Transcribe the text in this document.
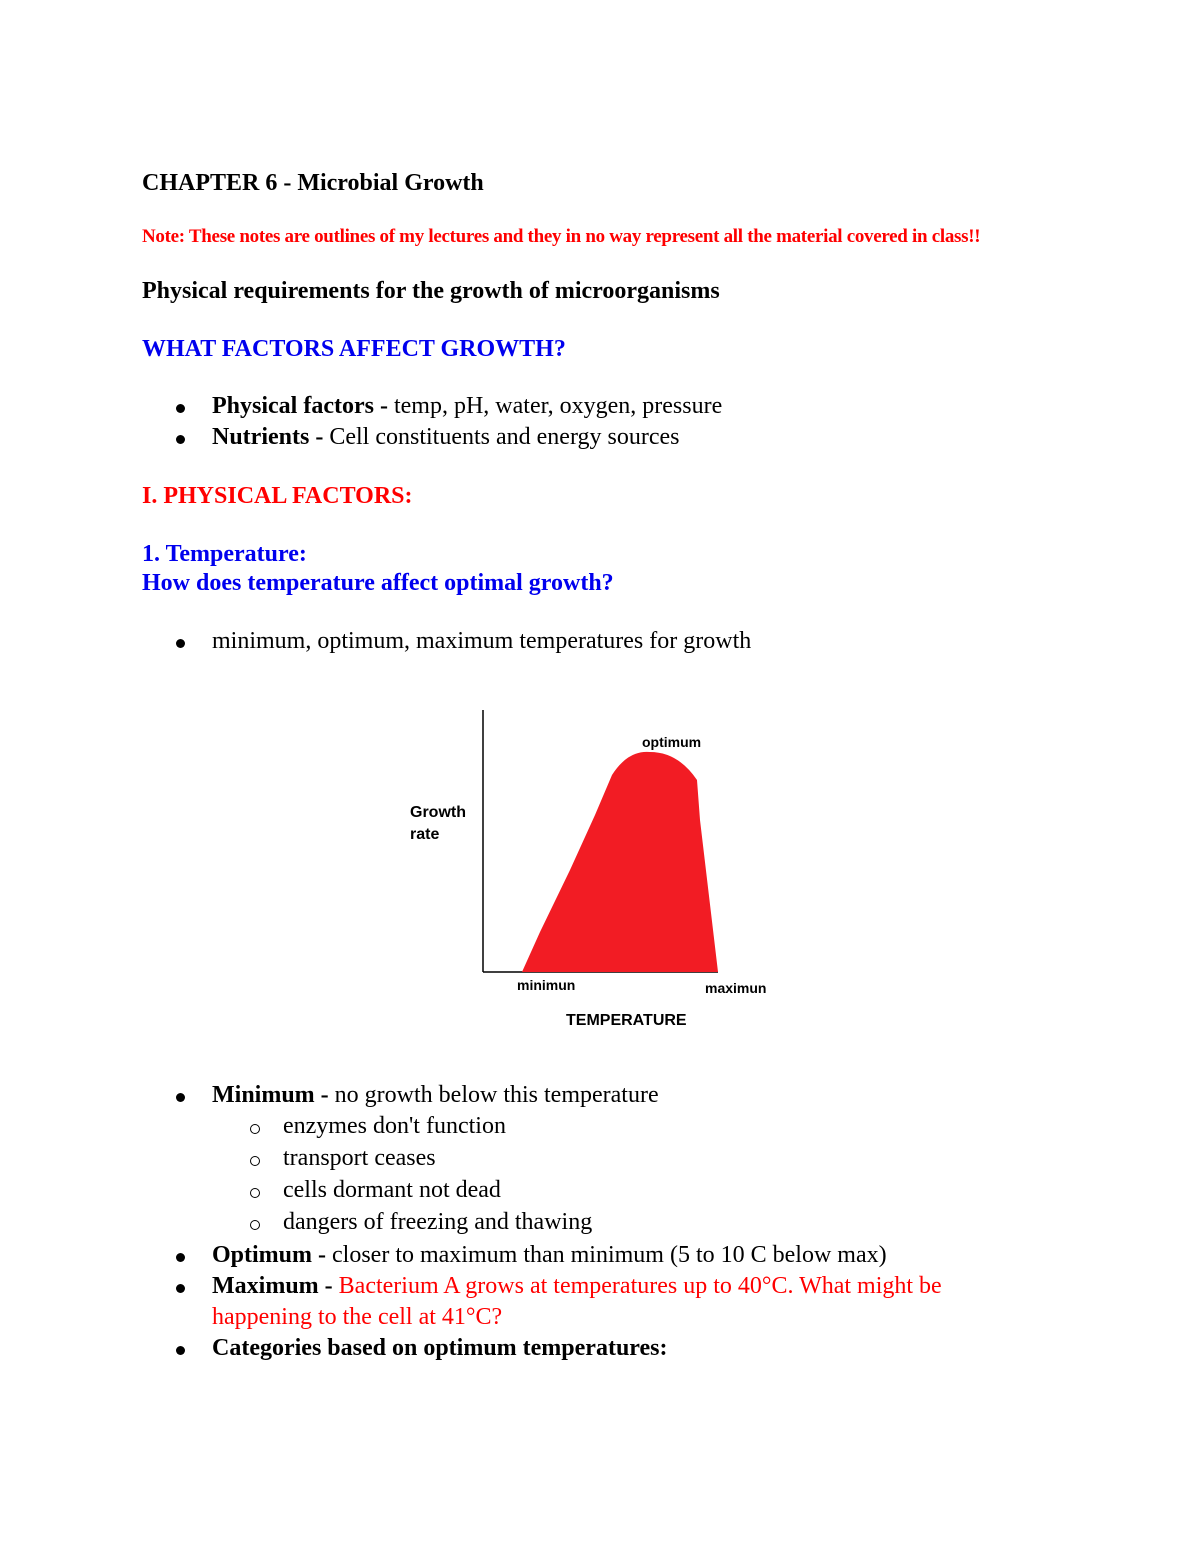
CHAPTER 6 - Microbial Growth
Note: These notes are outlines of my lectures and they in no way represent all the material covered in class!!
Physical requirements for the growth of microorganisms
WHAT FACTORS AFFECT GROWTH?
Physical factors - temp, pH, water, oxygen, pressure
Nutrients - Cell constituents and energy sources
I. PHYSICAL FACTORS:
1. Temperature:
How does temperature affect optimal growth?
minimum, optimum, maximum temperatures for growth
Growth
rate
optimum
minimun	maximun
TEMPERATURE
Minimum - no growth below this temperature
enzymes don't function
transport ceases
cells dormant not dead
dangers of freezing and thawing
Optimum - closer to maximum than minimum (5 to 10 C below max)
Maximum - Bacterium A grows at temperatures up to 40°C. What might be
happening to the cell at 41°C?
Categories based on optimum temperatures:
